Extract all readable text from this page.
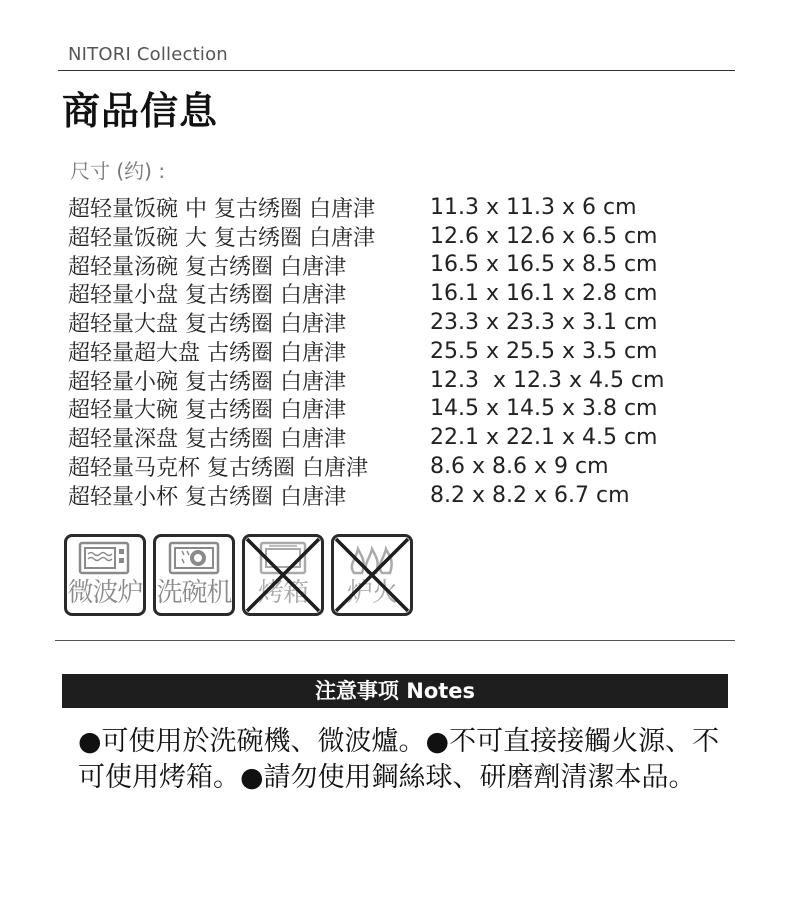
NITORI Collection
商品信息
尺寸 (约) :
超轻量饭碗 中 复古绣圈 白唐津	11.3 x 11.3 x 6 cm
超轻量饭碗 大 复古绣圈 白唐津	12.6 x 12.6 x 6.5 cm
超轻量汤碗 复古绣圈 白唐津	16.5 x 16.5 x 8.5 cm
超轻量小盘 复古绣圈 白唐津	16.1 x 16.1 x 2.8 cm
超轻量大盘 复古绣圈 白唐津	23.3 x 23.3 x 3.1 cm
超轻量超大盘 古绣圈 白唐津	25.5 x 25.5 x 3.5 cm
超轻量小碗 复古绣圈 白唐津	12.3  x 12.3 x 4.5 cm
超轻量大碗 复古绣圈 白唐津	14.5 x 14.5 x 3.8 cm
超轻量深盘 复古绣圈 白唐津	22.1 x 22.1 x 4.5 cm
超轻量马克杯 复古绣圈 白唐津	8.6 x 8.6 x 9 cm
超轻量小杯 复古绣圈 白唐津	8.2 x 8.2 x 6.7 cm
微波炉 洗碗机	烤箱	炉火
注意事项 Notes
●可使用於洗碗機、微波爐。●不可直接接觸火源、不可使用烤箱。●請勿使用鋼絲球、研磨劑清潔本品。
